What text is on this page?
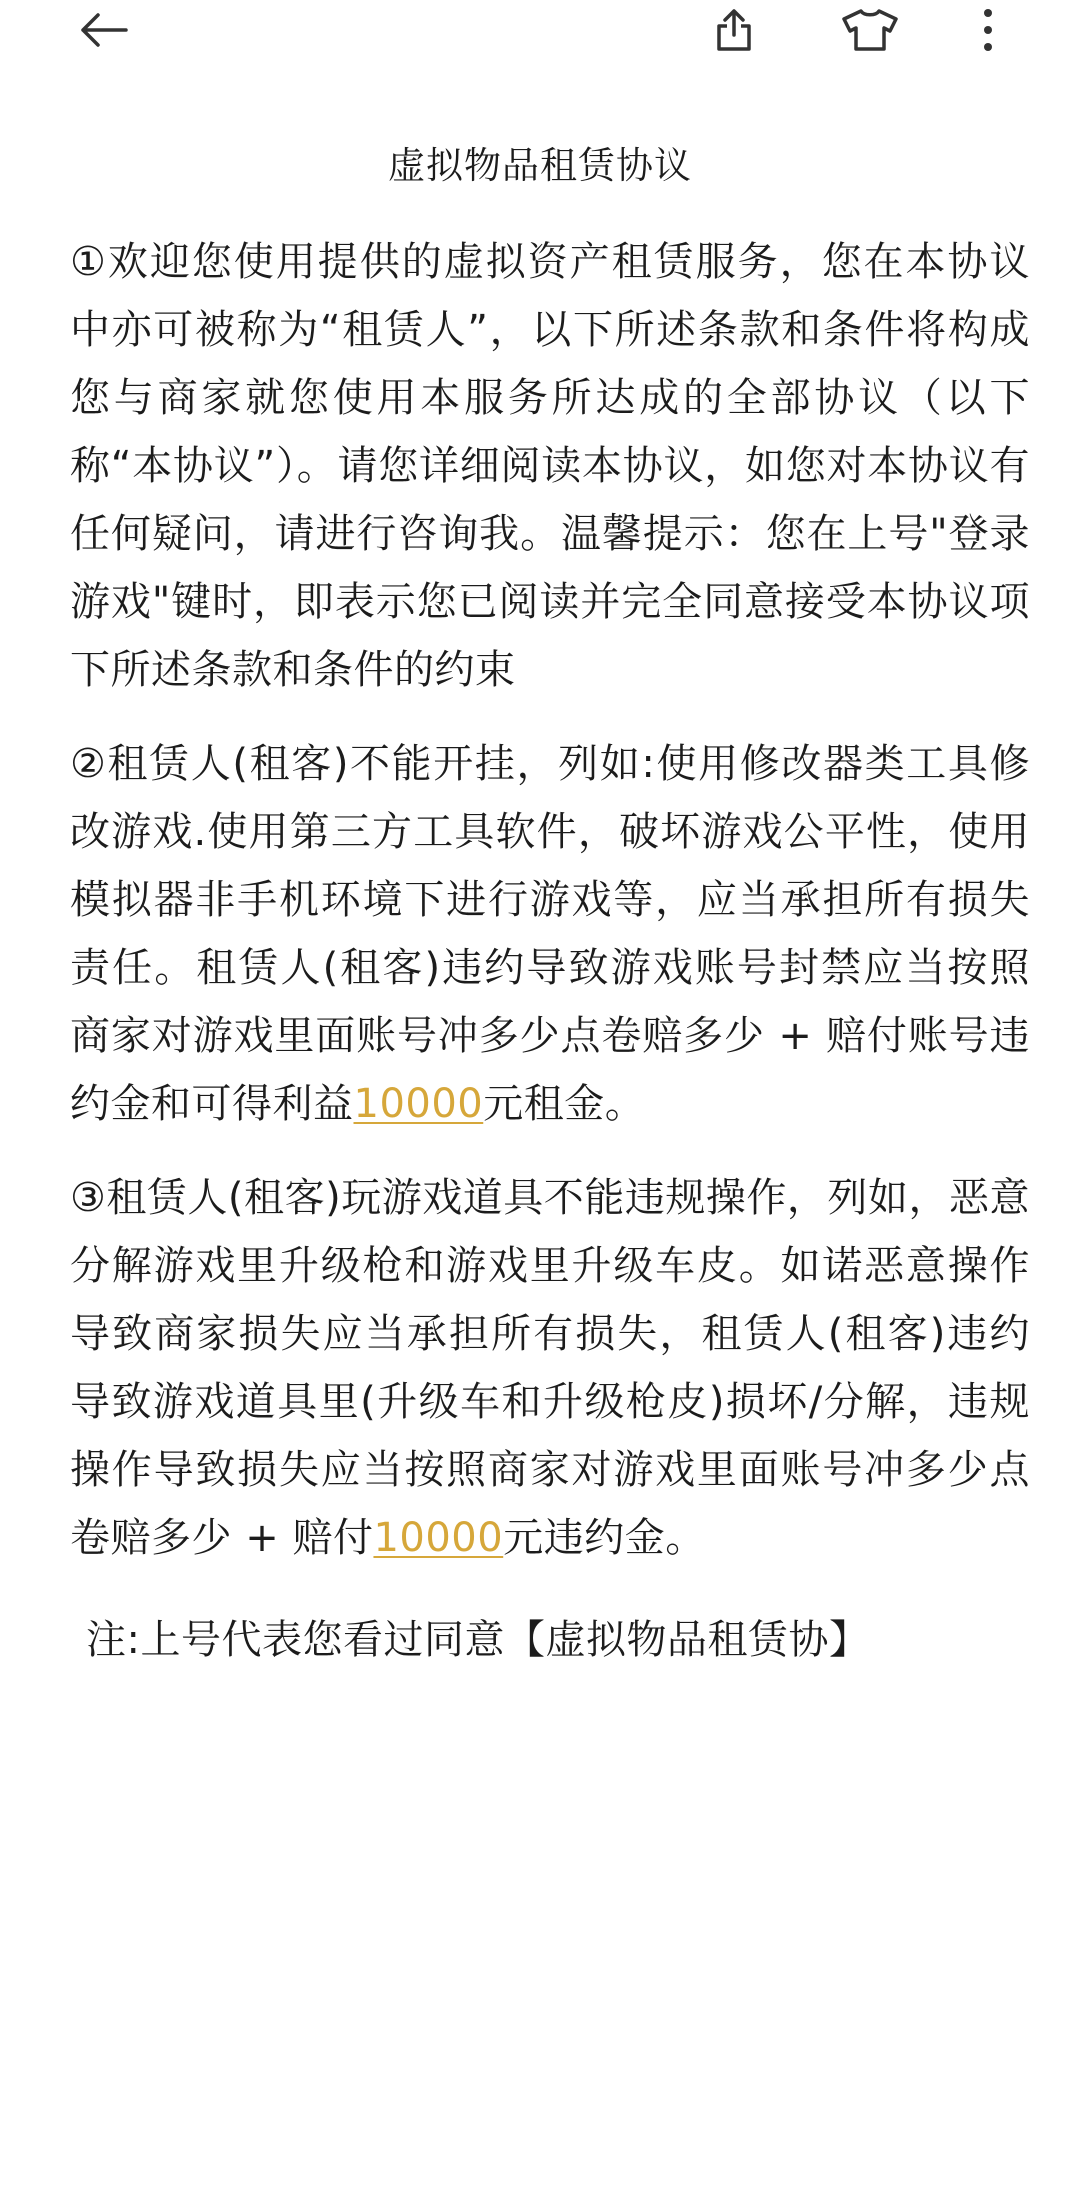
虚拟物品租赁协议

①欢迎您使用提供的虚拟资产租赁服务，您在本协议中亦可被称为“租赁人”，以下所述条款和条件将构成您与商家就您使用本服务所达成的全部协议（以下称“本协议”）。请您详细阅读本协议，如您对本协议有任何疑问，请进行咨询我。温馨提示：您在上号"登录游戏"键时，即表示您已阅读并完全同意接受本协议项下所述条款和条件的约束

②租赁人(租客)不能开挂，列如:使用修改器类工具修改游戏.使用第三方工具软件，破坏游戏公平性，使用模拟器非手机环境下进行游戏等，应当承担所有损失责任。租赁人(租客)违约导致游戏账号封禁应当按照商家对游戏里面账号冲多少点卷赔多少 + 赔付账号违约金和可得利益10000元租金。

③租赁人(租客)玩游戏道具不能违规操作，列如，恶意分解游戏里升级枪和游戏里升级车皮。如诺恶意操作导致商家损失应当承担所有损失，租赁人(租客)违约导致游戏道具里(升级车和升级枪皮)损坏/分解，违规操作导致损失应当按照商家对游戏里面账号冲多少点卷赔多少 + 赔付10000元违约金。

注:上号代表您看过同意【虚拟物品租赁协】
